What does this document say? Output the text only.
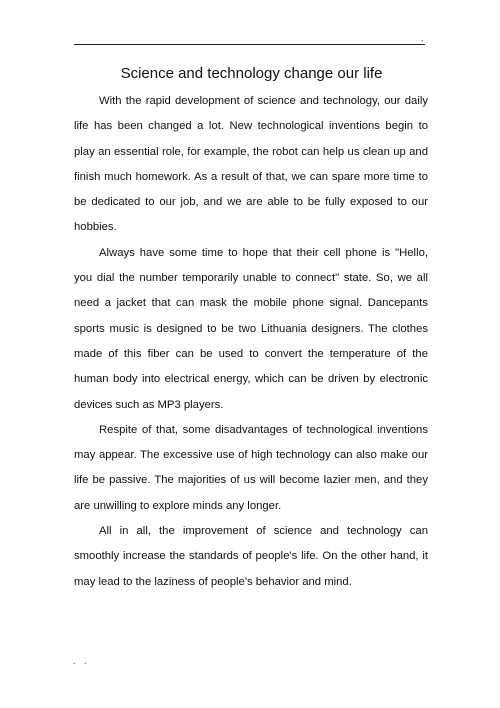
.
Science and technology change our life

With the rapid development of science and technology, our daily life has been changed a lot. New technological inventions begin to play an essential role, for example, the robot can help us clean up and finish much homework. As a result of that, we can spare more time to be dedicated to our job, and we are able to be fully exposed to our hobbies.

Always have some time to hope that their cell phone is "Hello, you dial the number temporarily unable to connect" state. So, we all need a jacket that can mask the mobile phone signal. Dancepants sports music is designed to be two Lithuania designers. The clothes made of this fiber can be used to convert the temperature of the human body into electrical energy, which can be driven by electronic devices such as MP3 players.

Respite of that, some disadvantages of technological inventions may appear. The excessive use of high technology can also make our life be passive. The majorities of us will become lazier men, and they are unwilling to explore minds any longer.

All in all, the improvement of science and technology can smoothly increase the standards of people's life. On the other hand, it may lead to the laziness of people's behavior and mind.

. .
